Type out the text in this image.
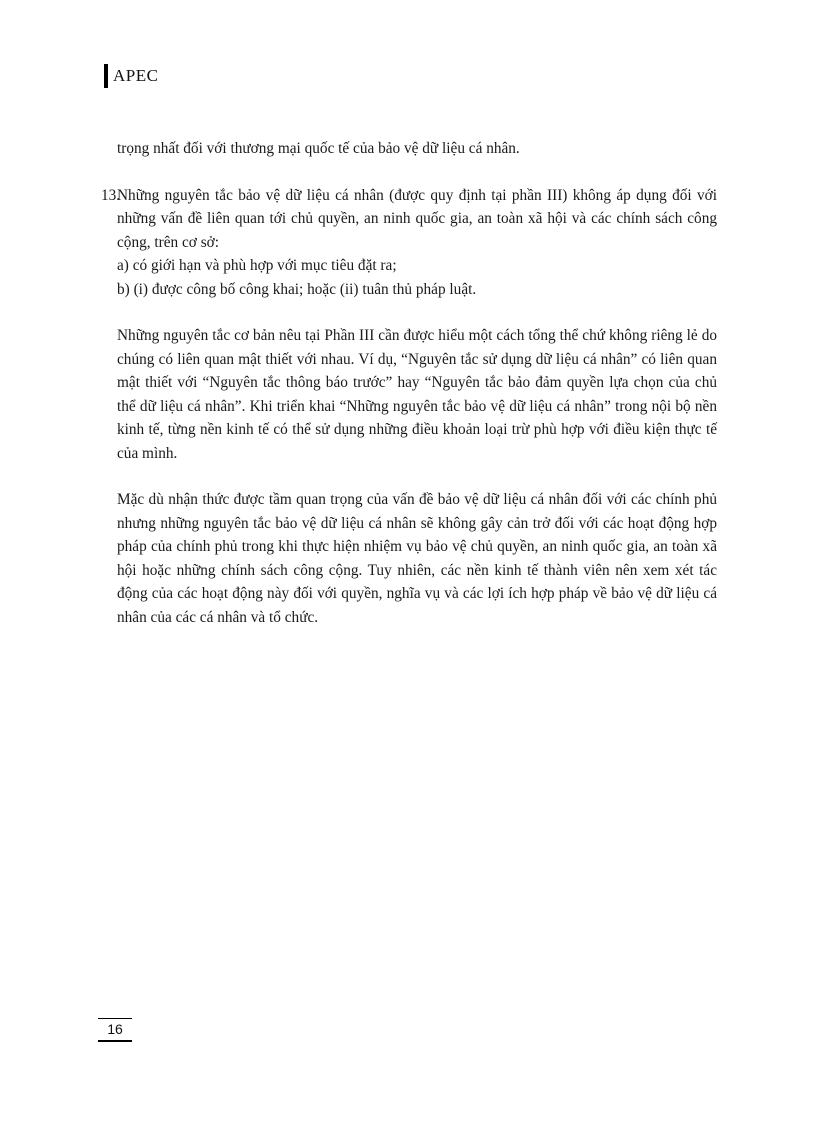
APEC

trọng nhất đối với thương mại quốc tế của bảo vệ dữ liệu cá nhân.

13.
Những nguyên tắc bảo vệ dữ liệu cá nhân (được quy định tại phần III) không áp dụng đối với những vấn đề liên quan tới chủ quyền, an ninh quốc gia, an toàn xã hội và các chính sách công cộng, trên cơ sở:
a) có giới hạn và phù hợp với mục tiêu đặt ra;
b) (i) được công bố công khai; hoặc (ii) tuân thủ pháp luật.

Những nguyên tắc cơ bản nêu tại Phần III cần được hiểu một cách tổng thể chứ không riêng lẻ do chúng có liên quan mật thiết với nhau. Ví dụ, “Nguyên tắc sử dụng dữ liệu cá nhân” có liên quan mật thiết với “Nguyên tắc thông báo trước” hay “Nguyên tắc bảo đảm quyền lựa chọn của chủ thể dữ liệu cá nhân”. Khi triển khai “Những nguyên tắc bảo vệ dữ liệu cá nhân” trong nội bộ nền kinh tế, từng nền kinh tế có thể sử dụng những điều khoản loại trừ phù hợp với điều kiện thực tế của mình.

Mặc dù nhận thức được tầm quan trọng của vấn đề bảo vệ dữ liệu cá nhân đối với các chính phủ nhưng những nguyên tắc bảo vệ dữ liệu cá nhân sẽ không gây cản trở đối với các hoạt động hợp pháp của chính phủ trong khi thực hiện nhiệm vụ bảo vệ chủ quyền, an ninh quốc gia, an toàn xã hội hoặc những chính sách công cộng. Tuy nhiên, các nền kinh tế thành viên nên xem xét tác động của các hoạt động này đối với quyền, nghĩa vụ và các lợi ích hợp pháp về bảo vệ dữ liệu cá nhân của các cá nhân và tổ chức.

16
